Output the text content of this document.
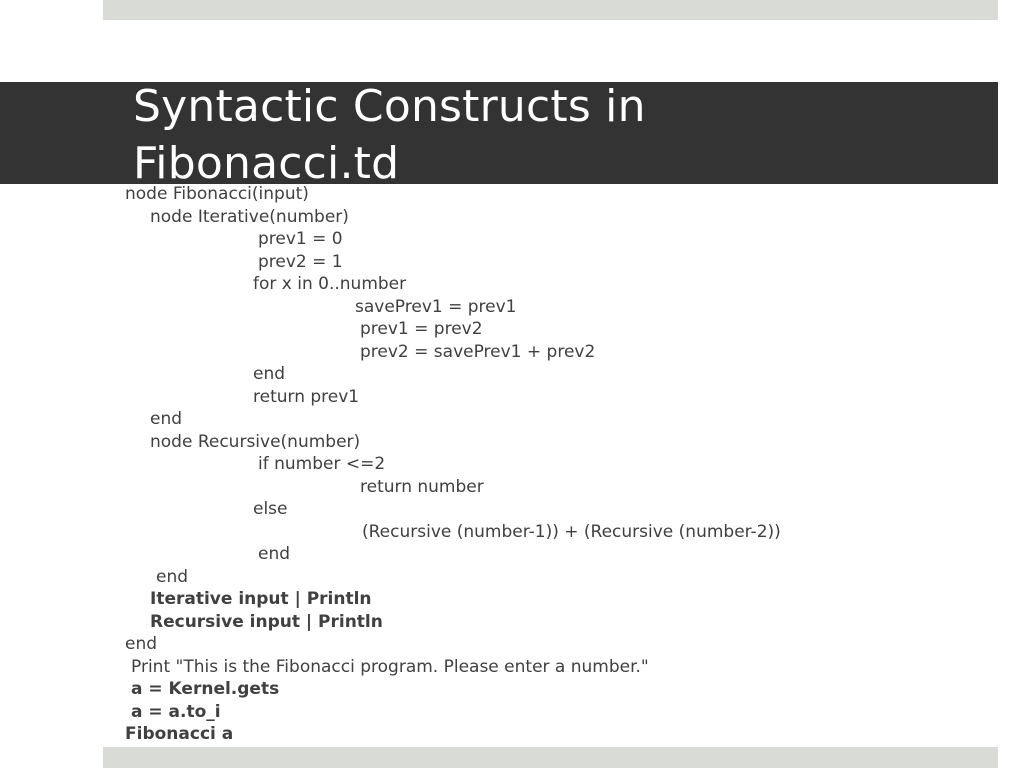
Syntactic Constructs in
Fibonacci.td
node Fibonacci(input)
node Iterative(number)
prev1 = 0
prev2 = 1
for x in 0..number
savePrev1 = prev1
prev1 = prev2
prev2 = savePrev1 + prev2
end
return prev1
end
node Recursive(number)
if number <=2
return number
else
(Recursive (number-1)) + (Recursive (number-2))
end
end
Iterative input | Println
Recursive input | Println
end
Print "This is the Fibonacci program. Please enter a number."
a = Kernel.gets
a = a.to_i
Fibonacci a
